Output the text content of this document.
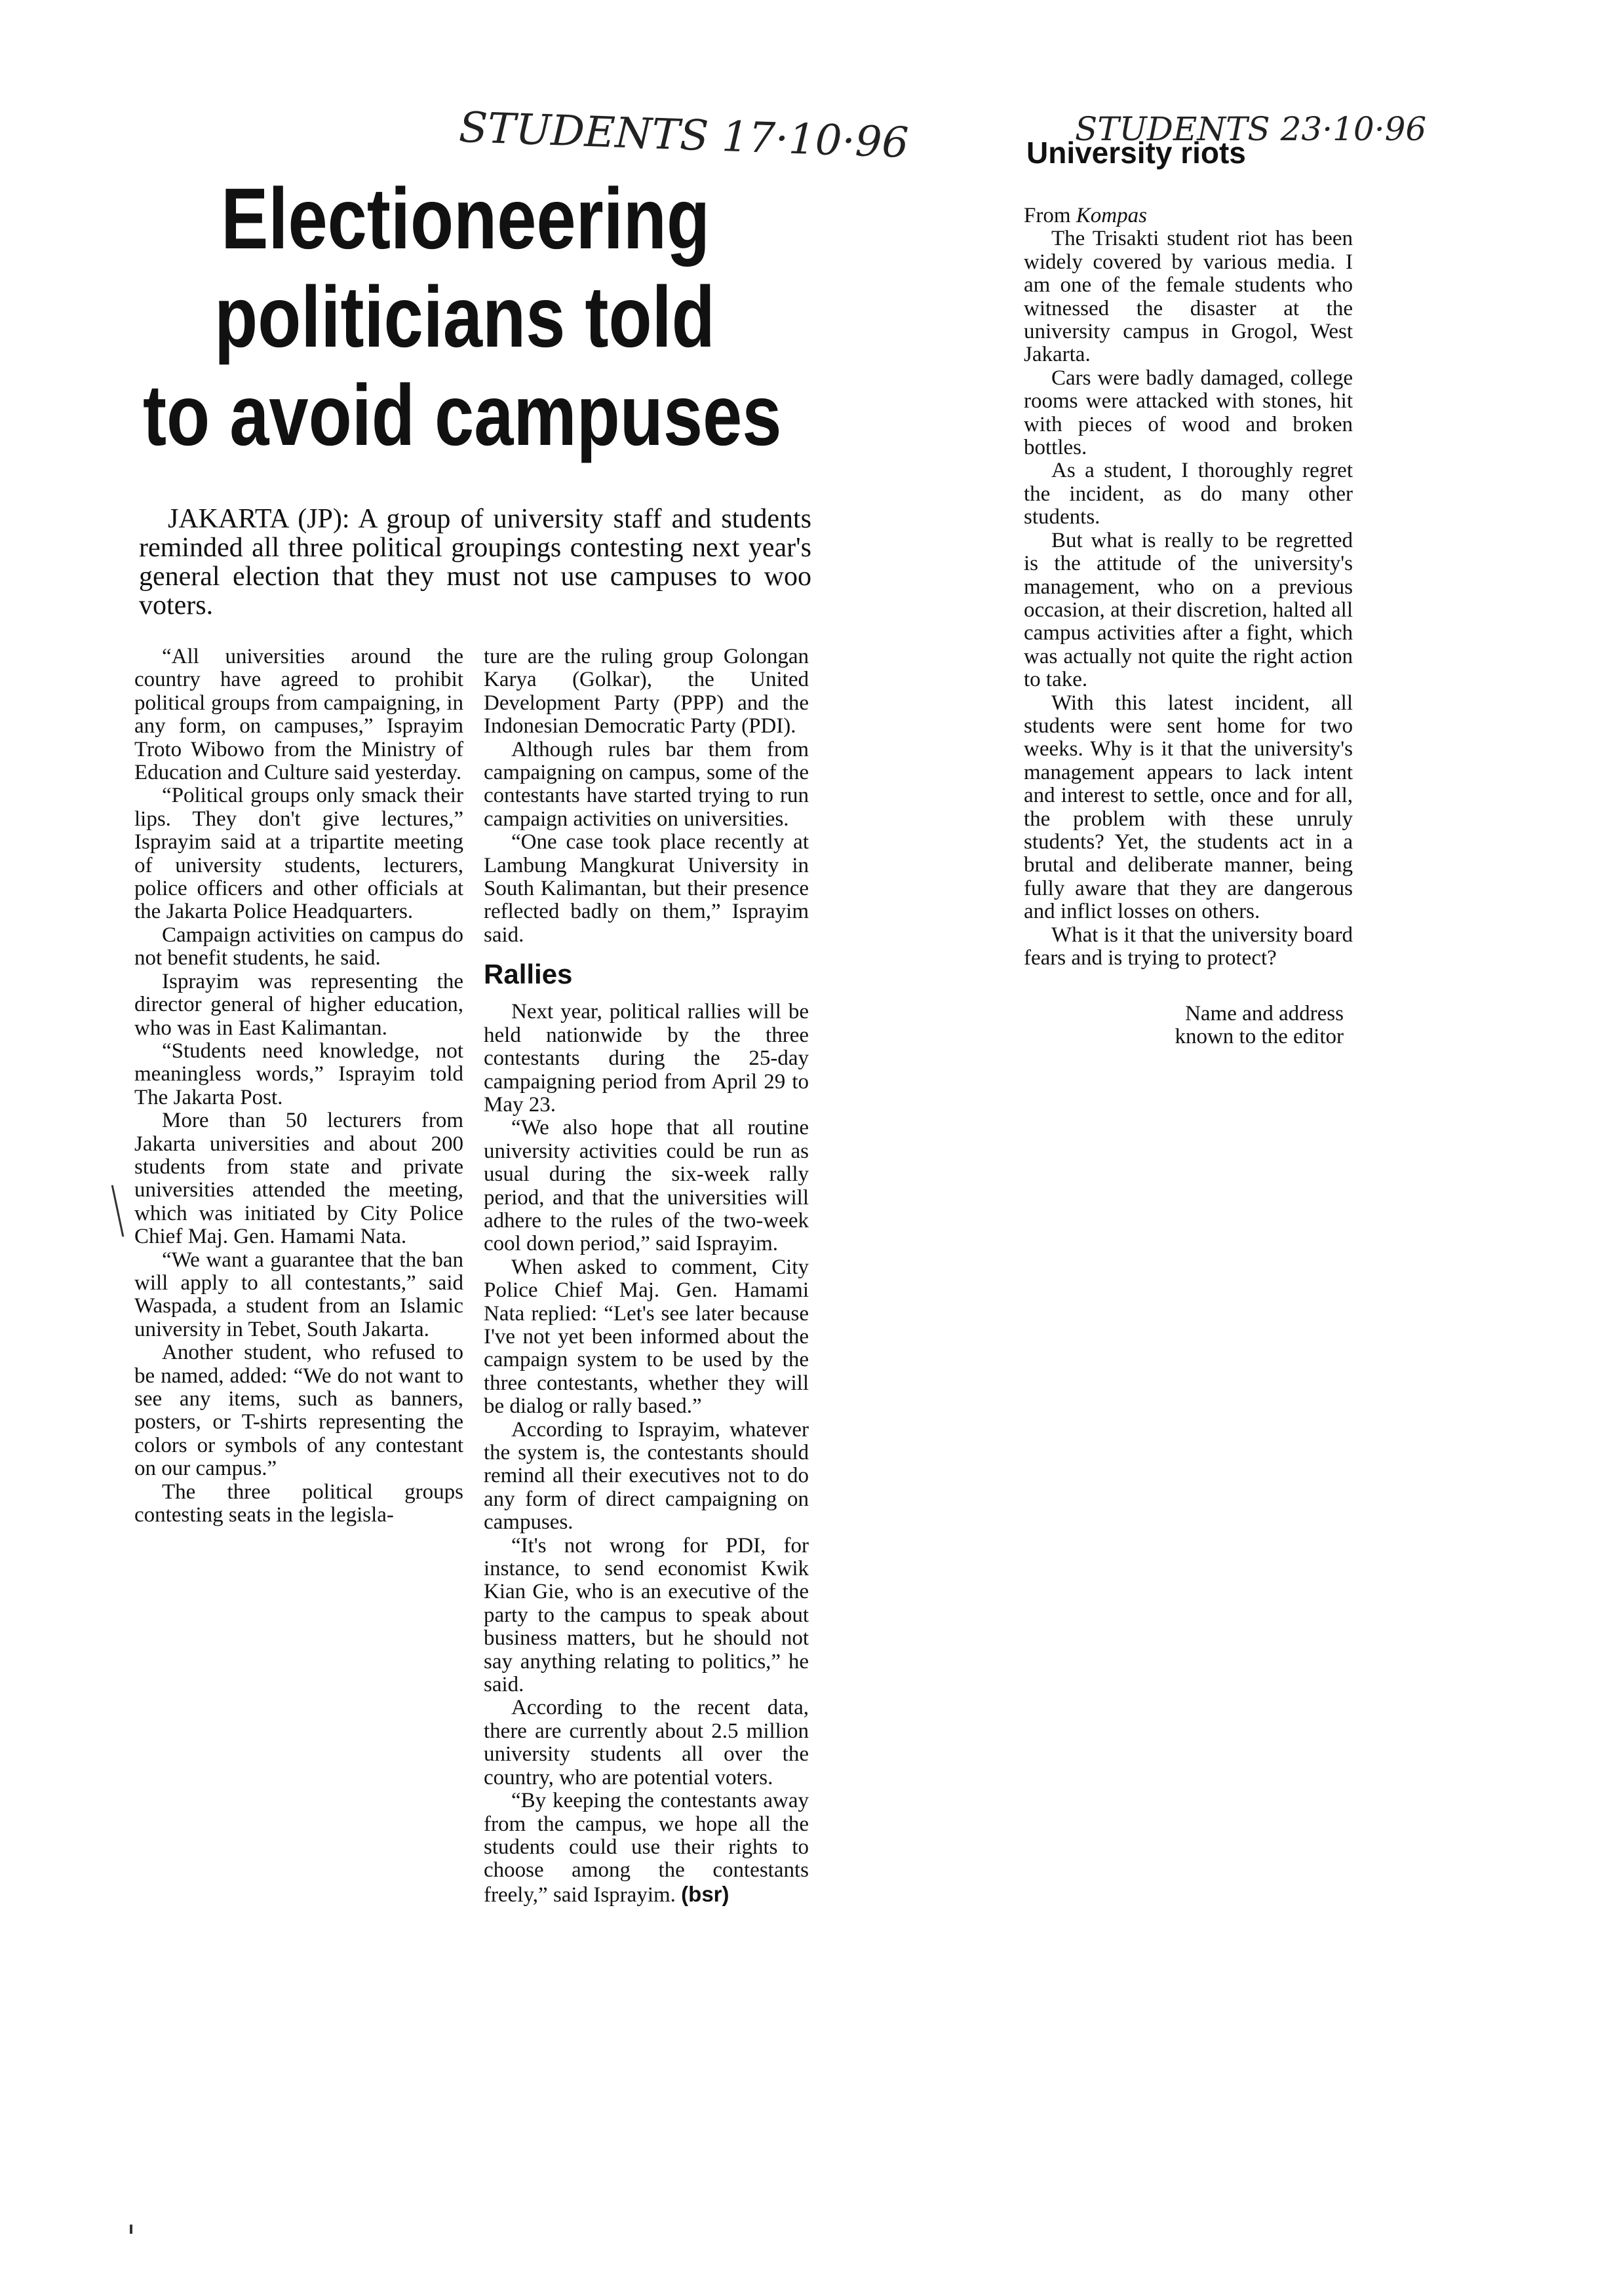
STUDENTS 17·10·96
Electioneering
politicians told
to avoid campuses
JAKARTA (JP): A group of university staff and students reminded all three political groupings contesting next year's general election that they must not use campuses to woo voters.

“All universities around the country have agreed to prohibit political groups from campaigning, in any form, on campuses,” Isprayim Troto Wibowo from the Ministry of Education and Culture said yesterday.

“Political groups only smack their lips. They don't give lectures,” Isprayim said at a tripartite meeting of university students, lecturers, police officers and other officials at the Jakarta Police Headquarters.

Campaign activities on campus do not benefit students, he said.

Isprayim was representing the director general of higher education, who was in East Kalimantan.

“Students need knowledge, not meaningless words,” Isprayim told The Jakarta Post.

More than 50 lecturers from Jakarta universities and about 200 students from state and private universities attended the meeting, which was initiated by City Police Chief Maj. Gen. Hamami Nata.

“We want a guarantee that the ban will apply to all contestants,” said Waspada, a student from an Islamic university in Tebet, South Jakarta.

Another student, who refused to be named, added: “We do not want to see any items, such as banners, posters, or T-shirts representing the colors or symbols of any contestant on our campus.”

The three political groups contesting seats in the legisla-

ture are the ruling group Golongan Karya (Golkar), the United Development Party (PPP) and the Indonesian Democratic Party (PDI).

Although rules bar them from campaigning on campus, some of the contestants have started trying to run campaign activities on universities.

“One case took place recently at Lambung Mangkurat University in South Kalimantan, but their presence reflected badly on them,” Isprayim said.

Rallies

Next year, political rallies will be held nationwide by the three contestants during the 25-day campaigning period from April 29 to May 23.

“We also hope that all routine university activities could be run as usual during the six-week rally period, and that the universities will adhere to the rules of the two-week cool down period,” said Isprayim.

When asked to comment, City Police Chief Maj. Gen. Hamami Nata replied: “Let's see later because I've not yet been informed about the campaign system to be used by the three contestants, whether they will be dialog or rally based.”

According to Isprayim, whatever the system is, the contestants should remind all their executives not to do any form of direct campaigning on campuses.

“It's not wrong for PDI, for instance, to send economist Kwik Kian Gie, who is an executive of the party to the campus to speak about business matters, but he should not say anything relating to politics,” he said.

According to the recent data, there are currently about 2.5 million university students all over the country, who are potential voters.

“By keeping the contestants away from the campus, we hope all the students could use their rights to choose among the contestants freely,” said Isprayim. (bsr)

STUDENTS 23·10·96
University riots

From Kompas

The Trisakti student riot has been widely covered by various media. I am one of the female students who witnessed the disaster at the university campus in Grogol, West Jakarta.

Cars were badly damaged, college rooms were attacked with stones, hit with pieces of wood and broken bottles.

As a student, I thoroughly regret the incident, as do many other students.

But what is really to be regretted is the attitude of the university's management, who on a previous occasion, at their discretion, halted all campus activities after a fight, which was actually not quite the right action to take.

With this latest incident, all students were sent home for two weeks. Why is it that the university's management appears to lack intent and interest to settle, once and for all, the problem with these unruly students? Yet, the students act in a brutal and deliberate manner, being fully aware that they are dangerous and inflict losses on others.

What is it that the university board fears and is trying to protect?

Name and address
known to the editor
